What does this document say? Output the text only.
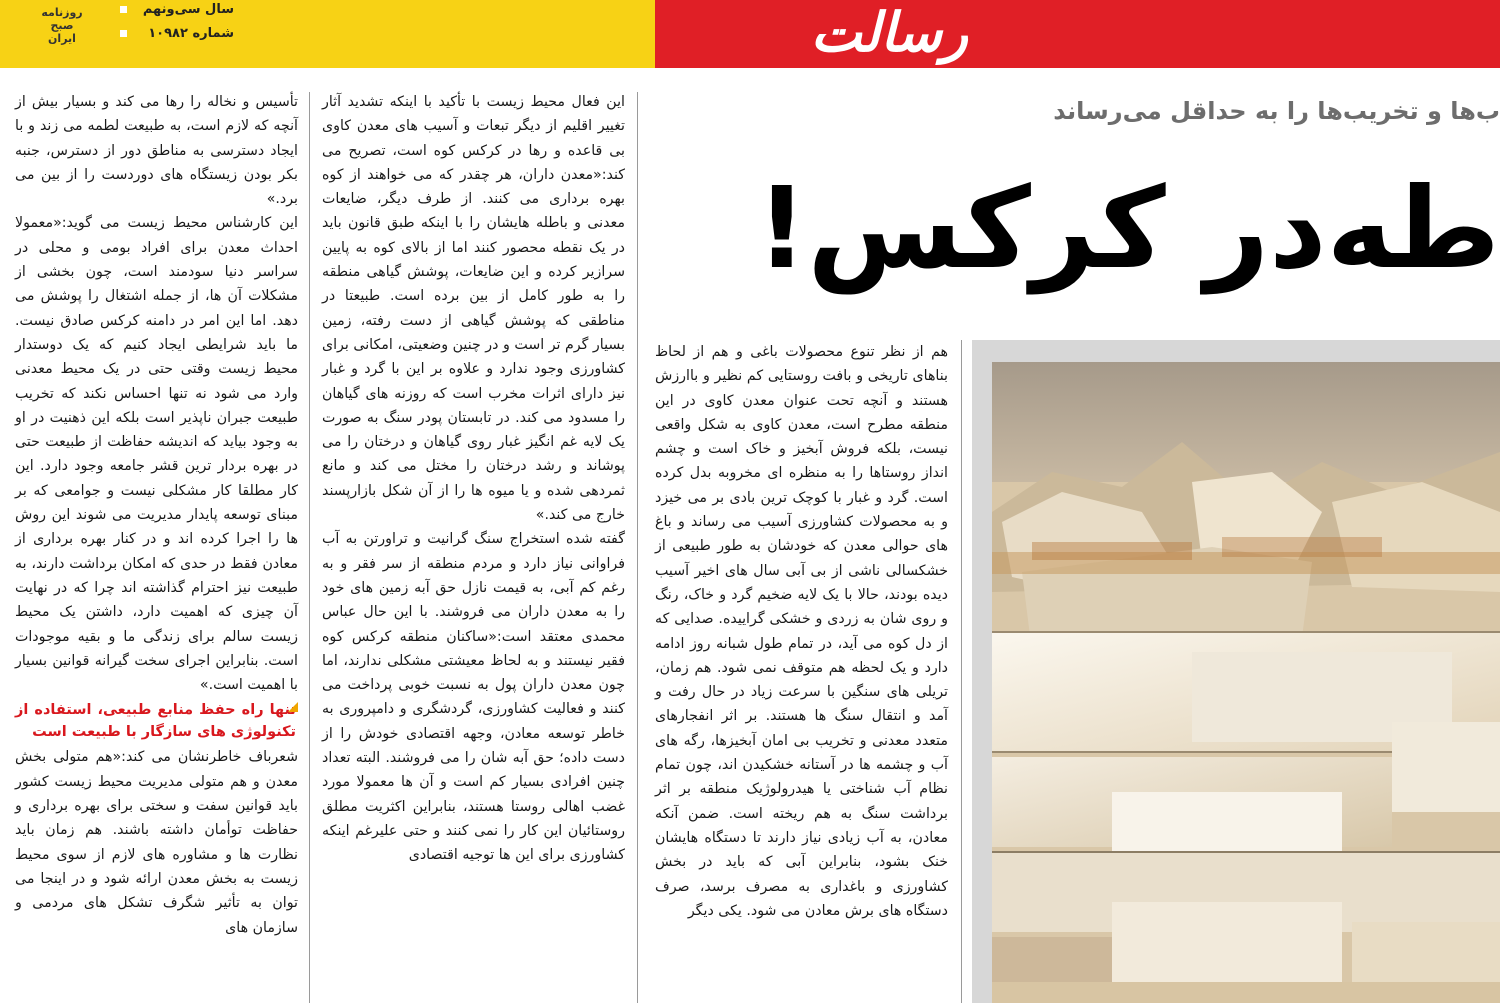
روزنامه
صبح
ایران
سال سی‌ونهم
شماره ۱۰۹۸۲	رسالت
ب‌ها و تخریب‌ها را به حداقل می‌رساند
طه‌در کرکس!

تأسیس و نخاله را رها می کند و بسیار بیش از آنچه که لازم است، به طبیعت لطمه می زند و با ایجاد دسترسی به مناطق دور از دسترس، جنبه بکر بودن زیستگاه های دوردست را از بین می برد.»

این کارشناس محیط زیست می گوید:«معمولا احداث معدن برای افراد بومی و محلی در سراسر دنیا سودمند است، چون بخشی از مشکلات آن ها، از جمله اشتغال را پوشش می دهد. اما این امر در دامنه کرکس صادق نیست. ما باید شرایطی ایجاد کنیم که یک دوستدار محیط زیست وقتی حتی در یک محیط معدنی وارد می شود نه تنها احساس نکند که تخریب طبیعت جبران ناپذیر است بلکه این ذهنیت در او به وجود بیاید که اندیشه حفاظت از طبیعت حتی در بهره بردار ترین قشر جامعه وجود دارد. این کار مطلقا کار مشکلی نیست و جوامعی که بر مبنای توسعه پایدار مدیریت می شوند این روش ها را اجرا کرده اند و در کنار بهره برداری از معادن فقط در حدی که امکان برداشت دارند، به طبیعت نیز احترام گذاشته اند چرا که در نهایت آن چیزی که اهمیت دارد، داشتن یک محیط زیست سالم برای زندگی ما و بقیه موجودات است. بنابراین اجرای سخت گیرانه قوانین بسیار با اهمیت است.»

تنها راه حفظ منابع طبیعی، استفاده از تکنولوژی های سازگار با طبیعت است

شعرباف خاطرنشان می کند:«هم متولی بخش معدن و هم متولی مدیریت محیط زیست کشور باید قوانین سفت و سختی برای بهره برداری و حفاظت توأمان داشته باشند. هم زمان باید نظارت ها و مشاوره های لازم از سوی محیط زیست به بخش معدن ارائه شود و در اینجا می توان به تأثیر شگرف تشکل های مردمی و سازمان های

این فعال محیط زیست با تأکید با اینکه تشدید آثار تغییر اقلیم از دیگر تبعات و آسیب های معدن کاوی بی قاعده و رها در کرکس کوه است، تصریح می کند:«معدن داران، هر چقدر که می خواهند از کوه بهره برداری می کنند. از طرف دیگر، ضایعات معدنی و باطله هایشان را با اینکه طبق قانون باید در یک نقطه محصور کنند اما از بالای کوه به پایین سرازیر کرده و این ضایعات، پوشش گیاهی منطقه را به طور کامل از بین برده است. طبیعتا در مناطقی که پوشش گیاهی از دست رفته، زمین بسیار گرم تر است و در چنین وضعیتی، امکانی برای کشاورزی وجود ندارد و علاوه بر این با گرد و غبار نیز دارای اثرات مخرب است که روزنه های گیاهان را مسدود می کند. در تابستان پودر سنگ به صورت یک لایه غم انگیز غبار روی گیاهان و درختان را می پوشاند و رشد درختان را مختل می کند و مانع ثمردهی شده و یا میوه ها را از آن شکل بازارپسند خارج می کند.»

گفته شده استخراج سنگ گرانیت و تراورتن به آب فراوانی نیاز دارد و مردم منطقه از سر فقر و به رغم کم آبی، به قیمت نازل حق آبه زمین های خود را به معدن داران می فروشند. با این حال عباس محمدی معتقد است:«ساکنان منطقه کرکس کوه فقیر نیستند و به لحاظ معیشتی مشکلی ندارند، اما چون معدن داران پول به نسبت خوبی پرداخت می کنند و فعالیت کشاورزی، گردشگری و دامپروری به خاطر توسعه معادن، وجهه اقتصادی خودش را از دست داده؛ حق آبه شان را می فروشند. البته تعداد چنین افرادی بسیار کم است و آن ها معمولا مورد غضب اهالی روستا هستند، بنابراین اکثریت مطلق روستائیان این کار را نمی کنند و حتی علیرغم اینکه کشاورزی برای این ها توجیه اقتصادی

هم از نظر تنوع محصولات باغی و هم از لحاظ بناهای تاریخی و بافت روستایی کم نظیر و باارزش هستند و آنچه تحت عنوان معدن کاوی در این منطقه مطرح است، معدن کاوی به شکل واقعی نیست، بلکه فروش آبخیز و خاک است و چشم انداز روستاها را به منظره ای مخروبه بدل کرده است. گرد و غبار با کوچک ترین بادی بر می خیزد و به محصولات کشاورزی آسیب می رساند و باغ های حوالی معدن که خودشان به طور طبیعی از خشکسالی ناشی از بی آبی سال های اخیر آسیب دیده بودند، حالا با یک لایه ضخیم گرد و خاک، رنگ و روی شان به زردی و خشکی گراییده. صدایی که از دل کوه می آید، در تمام طول شبانه روز ادامه دارد و یک لحظه هم متوقف نمی شود. هم زمان، تریلی های سنگین با سرعت زیاد در حال رفت و آمد و انتقال سنگ ها هستند. بر اثر انفجارهای متعدد معدنی و تخریب بی امان آبخیزها، رگه های آب و چشمه ها در آستانه خشکیدن اند، چون تمام نظام آب شناختی یا هیدرولوژیک منطقه بر اثر برداشت سنگ به هم ریخته است. ضمن آنکه معادن، به آب زیادی نیاز دارند تا دستگاه هایشان خنک بشود، بنابراین آبی که باید در بخش کشاورزی و باغداری به مصرف برسد، صرف دستگاه های برش معادن می شود. یکی دیگر
